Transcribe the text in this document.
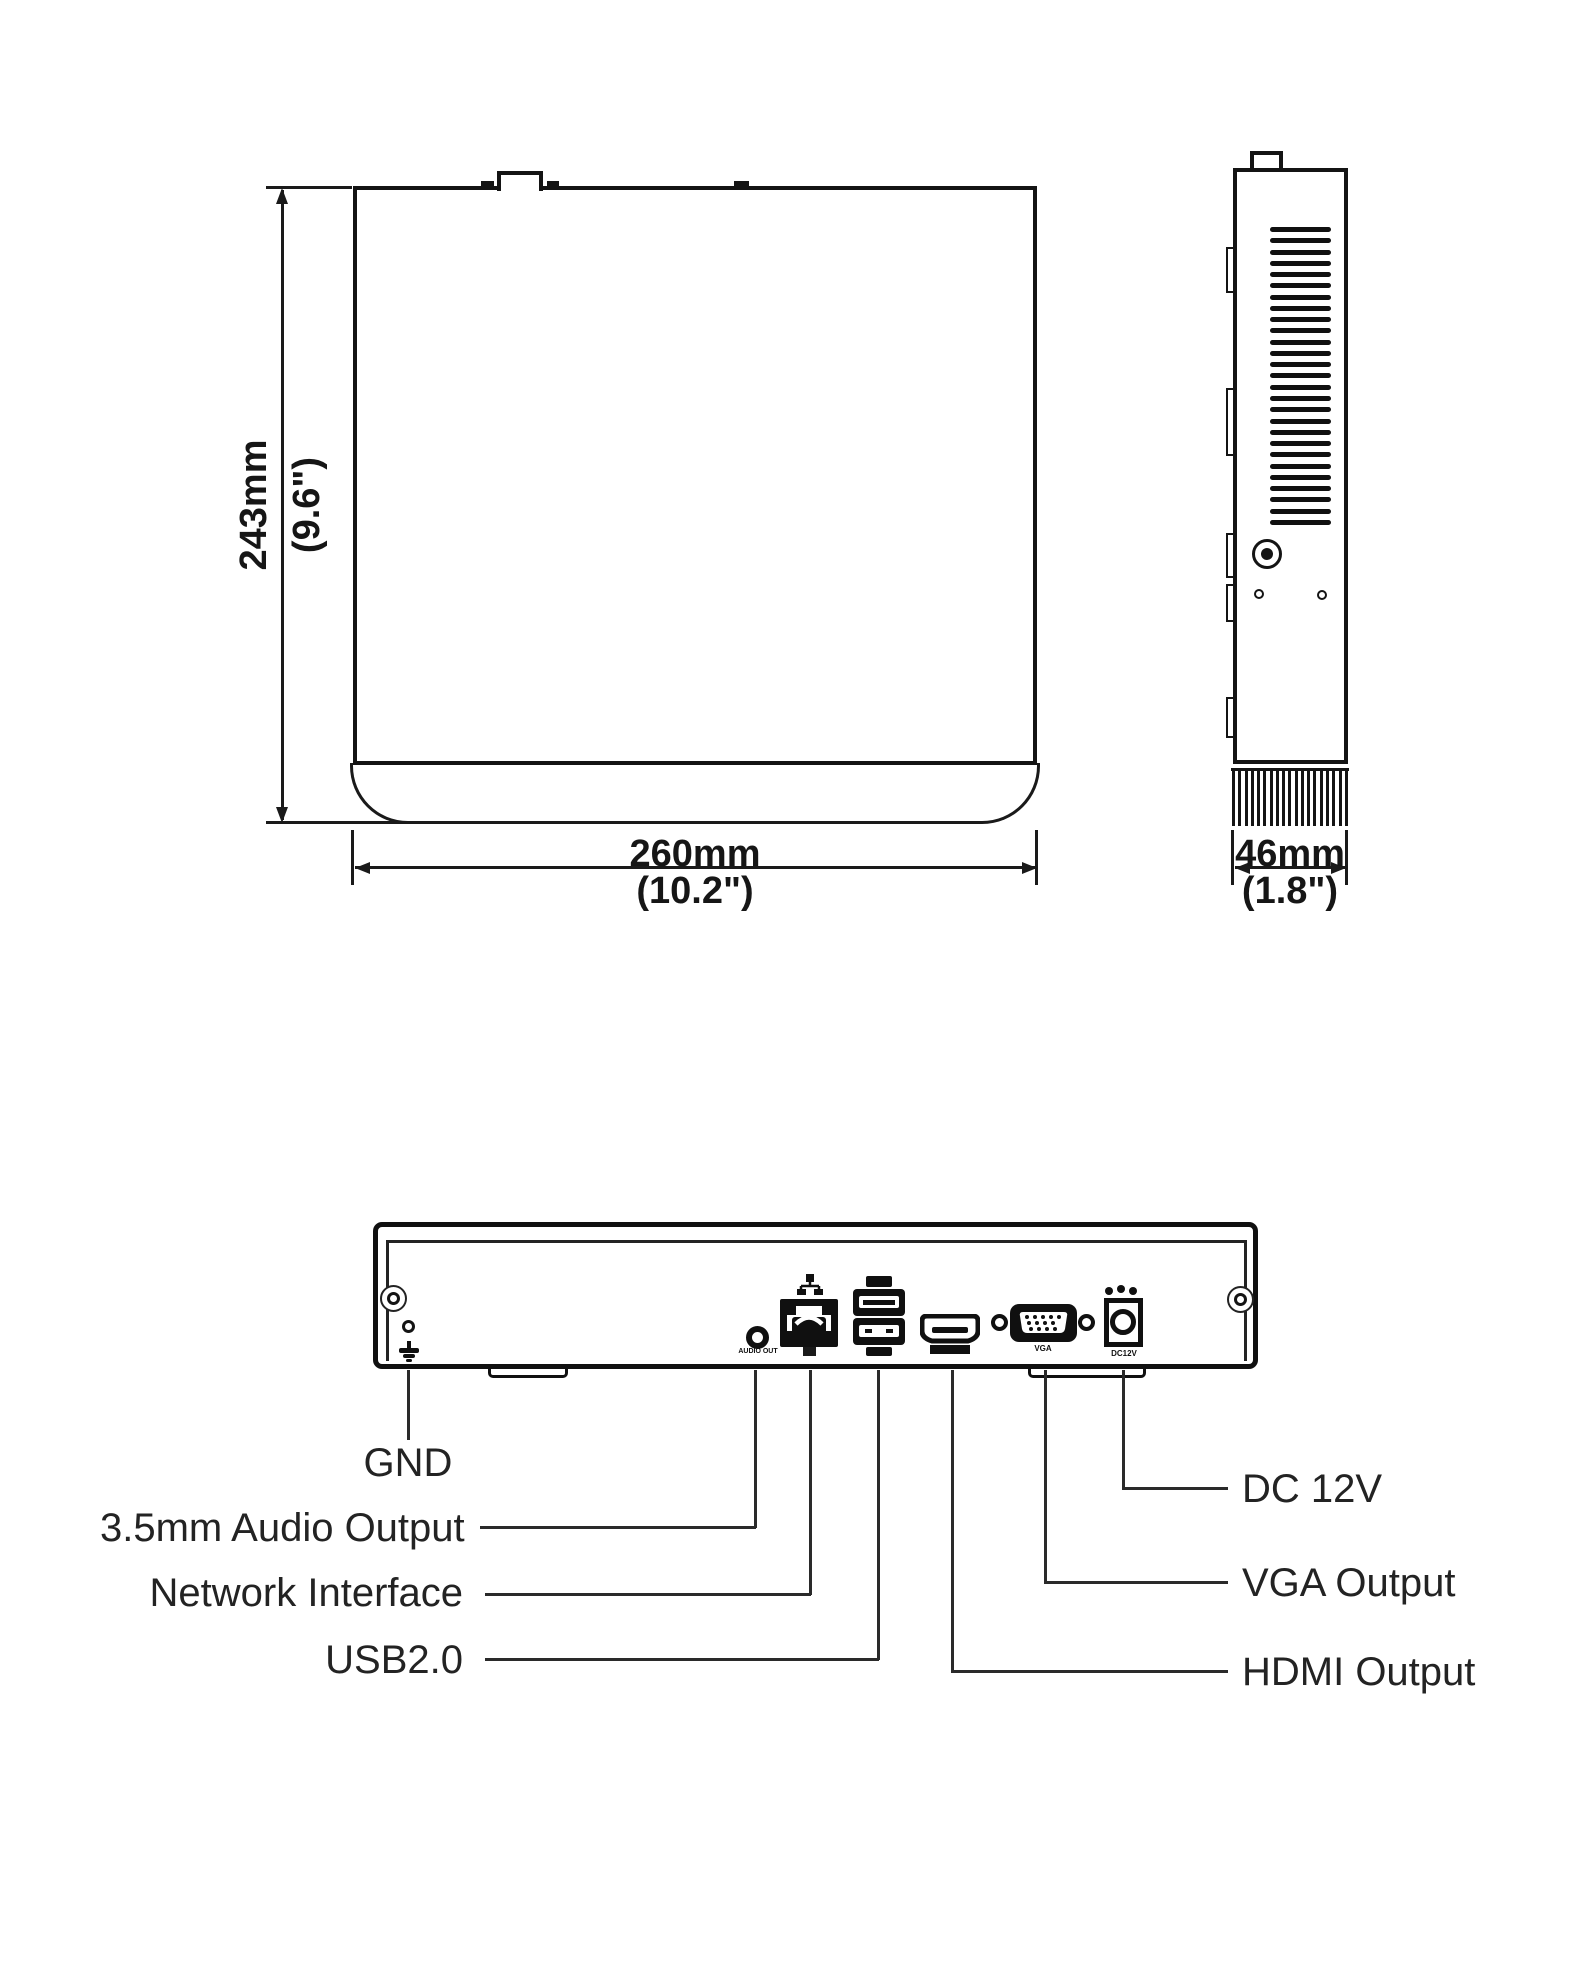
243mm (9.6")
260mm
(10.2")
46mm
(1.8")
AUDIO OUT	VGA
DC12V
GND
3.5mm Audio Output
Network Interface
USB2.0
DC 12V
VGA Output
HDMI Output
